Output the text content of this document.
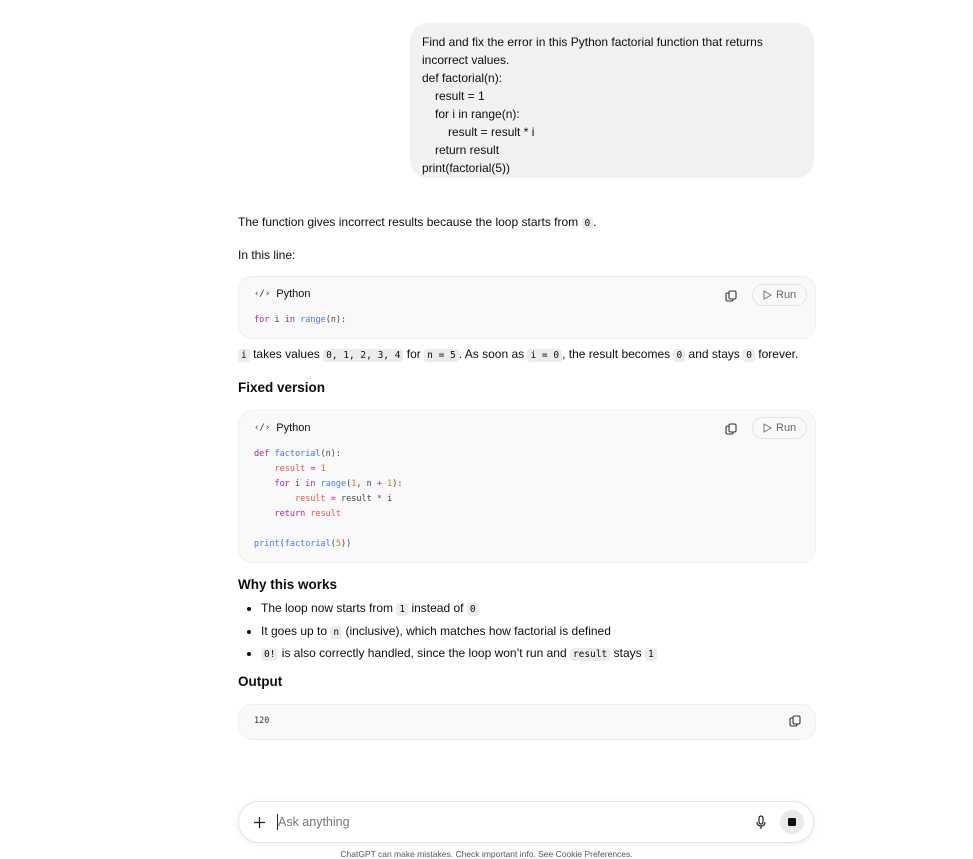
Find and fix the error in this Python factorial function that returns incorrect values.
def factorial(n):
result = 1
for i in range(n):
result = result * i
return result
print(factorial(5))
The function gives incorrect results because the loop starts from 0 .
In this line:
‹/› Python	Run
for i in range(n):
i takes values 0, 1, 2, 3, 4 for n = 5 . As soon as i = 0 , the result becomes 0 and stays 0 forever.
Fixed version
‹/› Python	Run
def factorial(n):
result = 1
for i in range(1, n + 1):
result = result * i
return result

print(factorial(5))
Why this works
• The loop now starts from 1 instead of 0
• It goes up to n (inclusive), which matches how factorial is defined
• 0! is also correctly handled, since the loop won’t run and result stays 1
Output
120
Ask anything
ChatGPT can make mistakes. Check important info. See Cookie Preferences.
